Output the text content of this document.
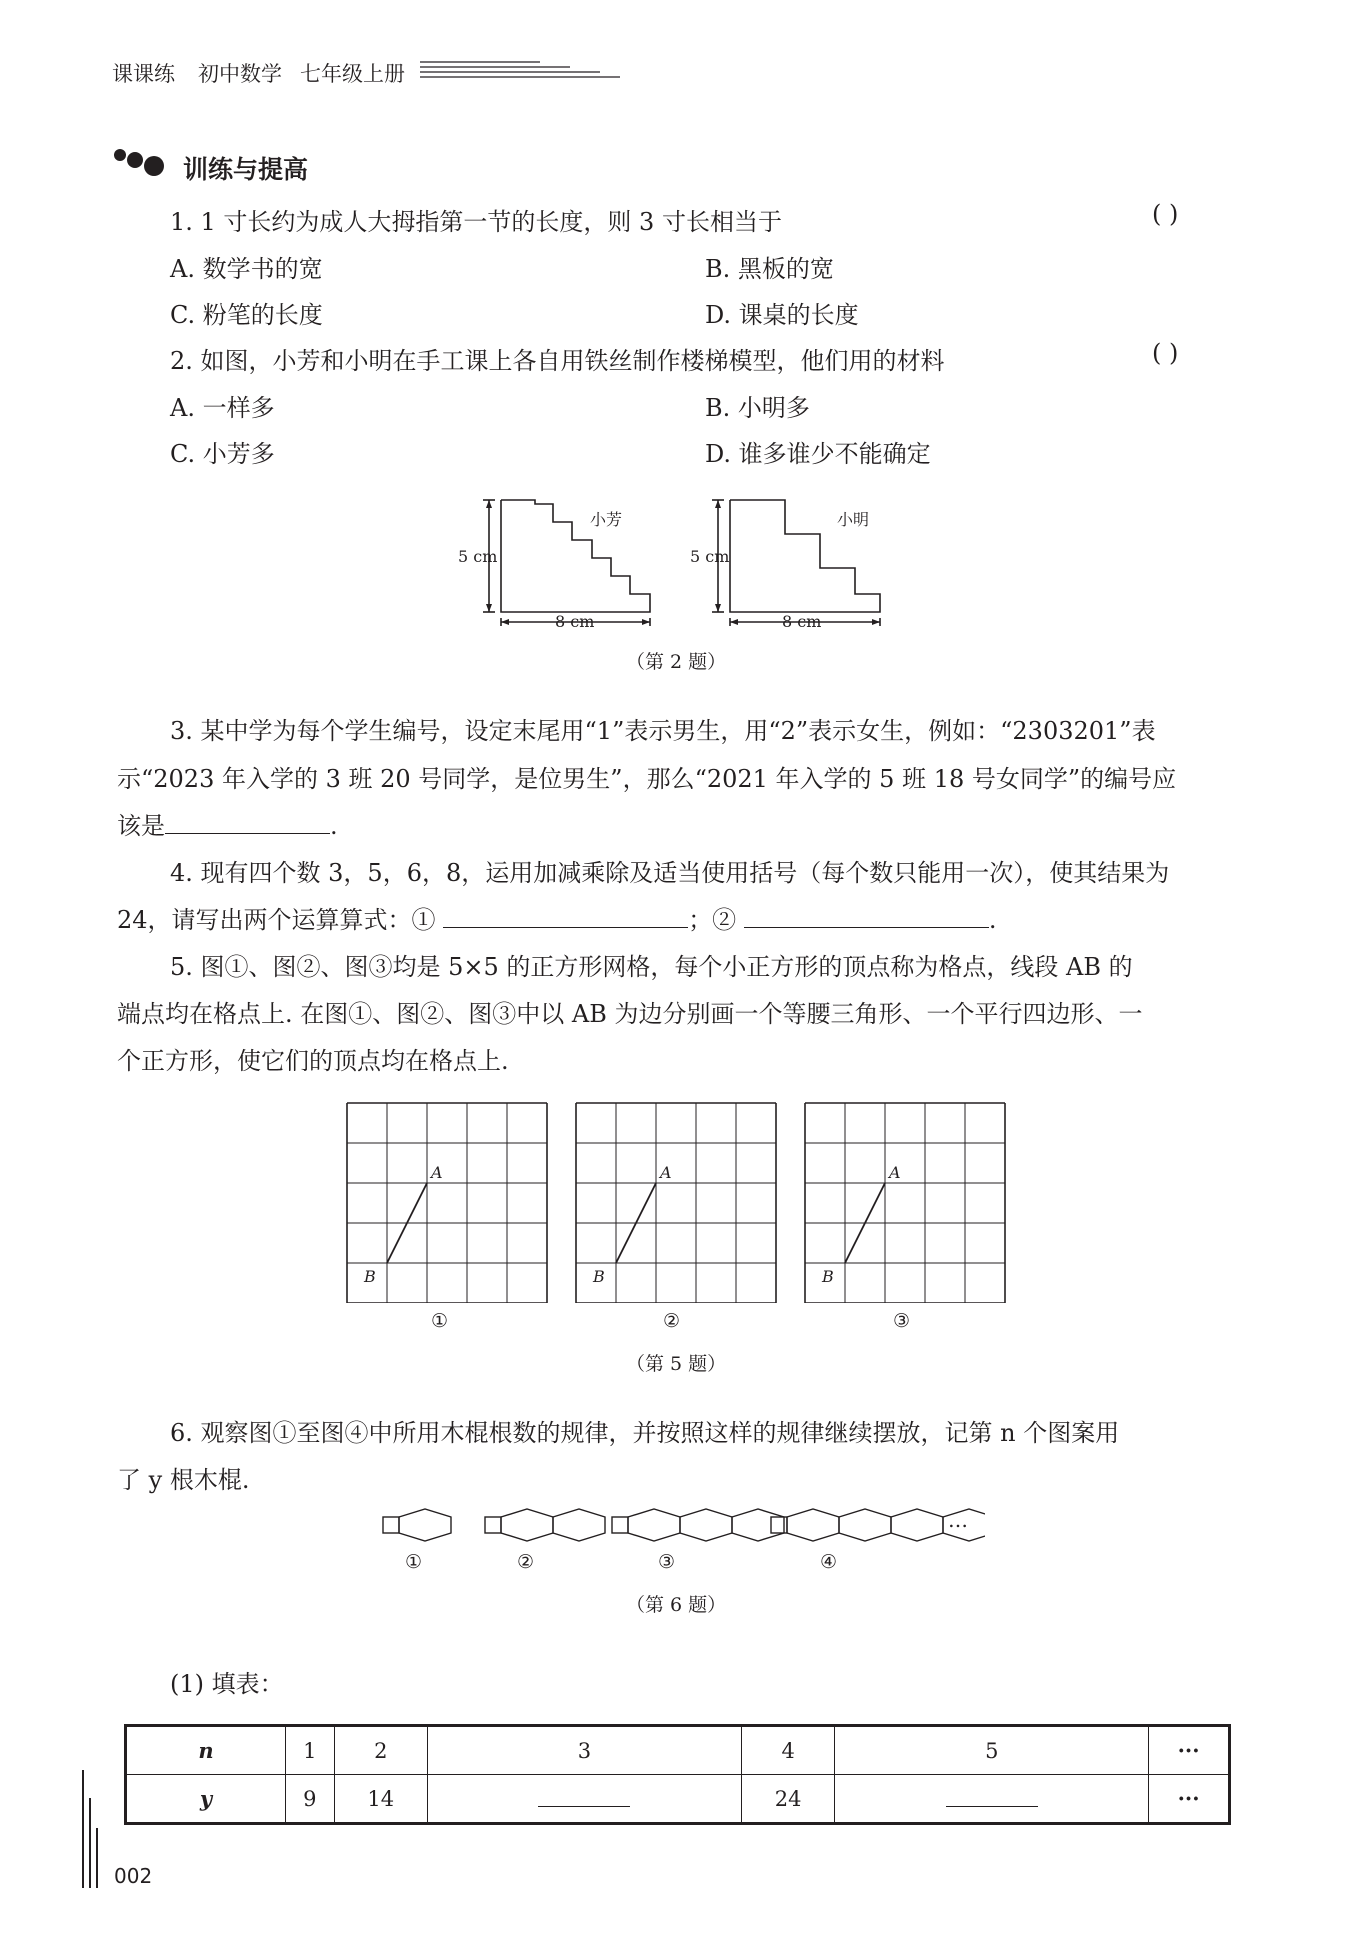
课课练 初中数学 七年级上册
训练与提高
1. 1 寸长约为成人大拇指第一节的长度，则 3 寸长相当于	( )
A. 数学书的宽	B. 黑板的宽
C. 粉笔的长度	D. 课桌的长度
2. 如图，小芳和小明在手工课上各自用铁丝制作楼梯模型，他们用的材料	( )
A. 一样多	B. 小明多
C. 小芳多	D. 谁多谁少不能确定
小芳	小明
5 cm	5 cm
8 cm	8 cm
（第 2 题）
3. 某中学为每个学生编号，设定末尾用“1”表示男生，用“2”表示女生，例如：“2303201”表
示“2023 年入学的 3 班 20 号同学，是位男生”，那么“2021 年入学的 5 班 18 号女同学”的编号应
该是	.
4. 现有四个数 3，5，6，8，运用加减乘除及适当使用括号（每个数只能用一次），使其结果为
24，请写出两个运算算式：①	；②	.
5. 图①、图②、图③均是 5×5 的正方形网格，每个小正方形的顶点称为格点，线段 AB 的
端点均在格点上. 在图①、图②、图③中以 AB 为边分别画一个等腰三角形、一个平行四边形、一
个正方形，使它们的顶点均在格点上.
A
B
A
B
A
B
①	②	③
（第 5 题）
6. 观察图①至图④中所用木棍根数的规律，并按照这样的规律继续摆放，记第 n 个图案用
了 y 根木棍.
…
①	②	③	④
（第 6 题）
(1) 填表：
n	1	2	3	4	5	···
y	9	14		24		···
002
